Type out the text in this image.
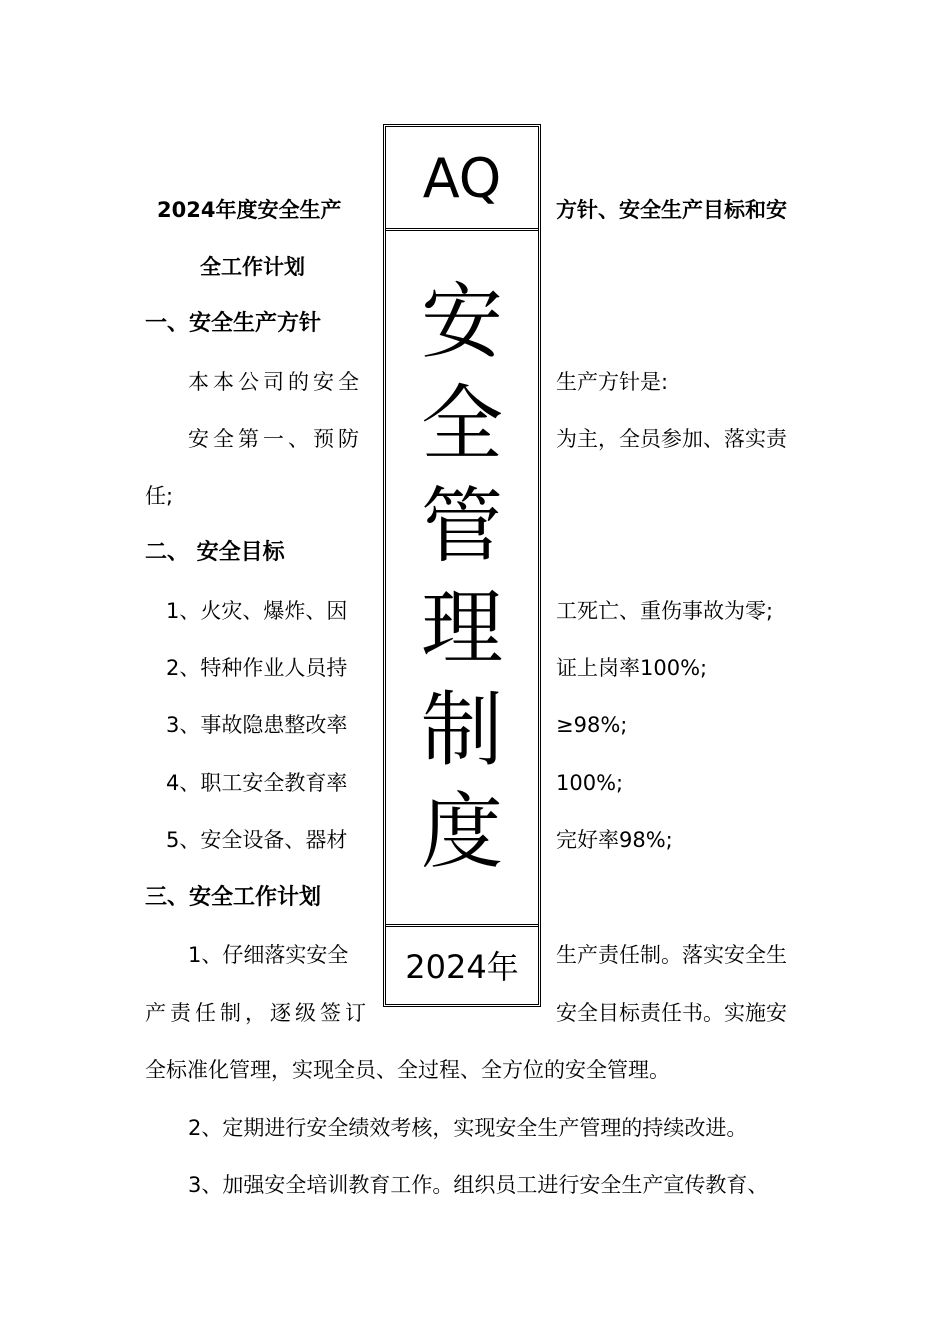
2024年度安全生产	方针、安全生产目标和安
全工作计划
一、安全生产方针
本本公司的安全	生产方针是:
安全第一、预防	为主，全员参加、落实责
任;
二、 安全目标
1、火灾、爆炸、因	工死亡、重伤事故为零;
2、特种作业人员持	证上岗率100%;
3、事故隐患整改率	≥98%;
4、职工安全教育率	100%;
5、安全设备、器材	完好率98%;
三、安全工作计划
1、仔细落实安全	生产责任制。落实安全生
产责任制，逐级签订	安全目标责任书。实施安
全标准化管理，实现全员、全过程、全方位的安全管理。
2、定期进行安全绩效考核，实现安全生产管理的持续改进。
3、加强安全培训教育工作。组织员工进行安全生产宣传教育、
AQ
安
全
管
理
制
度
2024年
